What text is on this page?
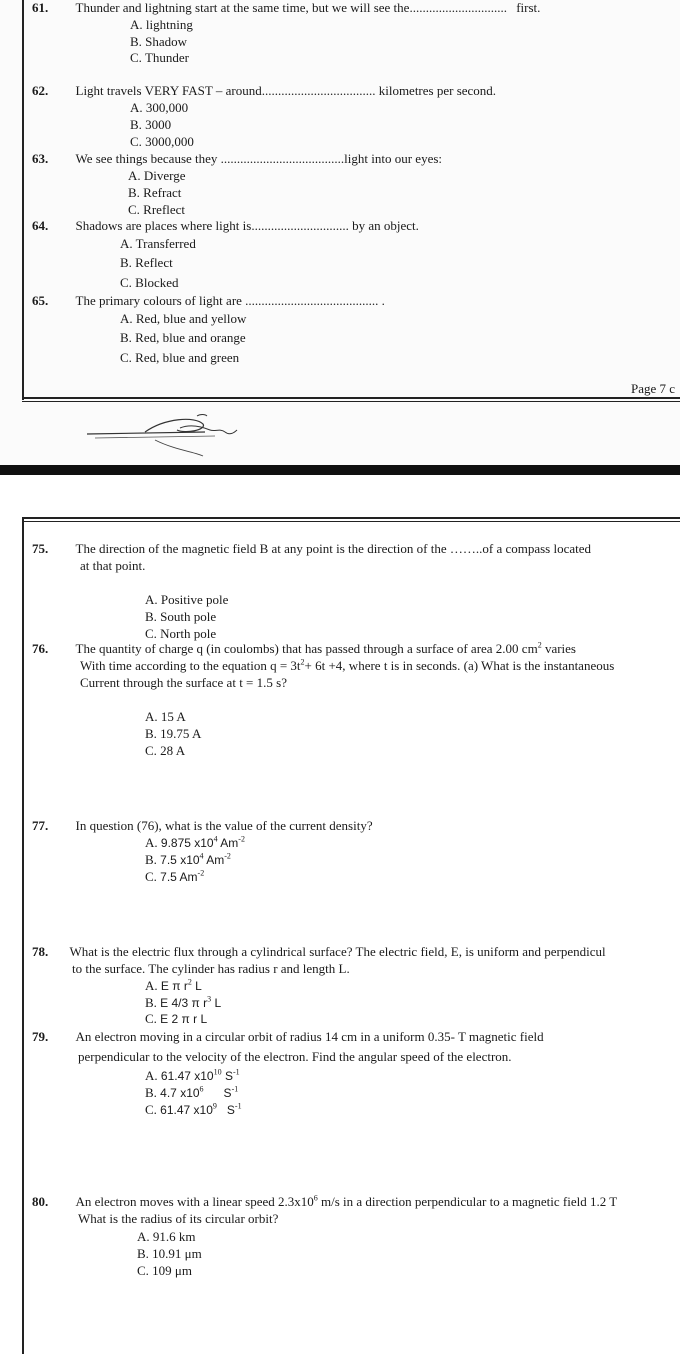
61. Thunder and lightning start at the same time, but we will see the.............................. first.
A. lightning
B. Shadow
C. Thunder
62. Light travels VERY FAST – around................................... kilometres per second.
A. 300,000
B. 3000
C. 3000,000
63. We see things because they ......................................light into our eyes:
A. Diverge
B. Refract
C. Rreflect
64. Shadows are places where light is.............................. by an object.
A. Transferred
B. Reflect
C. Blocked
65. The primary colours of light are ......................................... .
A. Red, blue and yellow
B. Red, blue and orange
C. Red, blue and green
Page 7 c
75. The direction of the magnetic field B at any point is the direction of the ……..of a compass located
at that point.
A. Positive pole
B. South pole
C. North pole
76. The quantity of charge q (in coulombs) that has passed through a surface of area 2.00 $cm^2$ varies
With time according to the equation $q = 3t^2+ 6t +4$, where t is in seconds. (a) What is the instantaneous
Current through the surface at t = 1.5 s?
A. 15 A
B. 19.75 A
C. 28 A
77. In question (76), what is the value of the current density?
A. 9.875 $x10^4$ $Am^{-2}$
B. 7.5 $x10^4$ $Am^{-2}$
C. 7.5 $Am^{-2}$
78. What is the electric flux through a cylindrical surface? The electric field, E, is uniform and perpendicul
to the surface. The cylinder has radius r and length L.
A. E π $r^2$ L
B. E 4/3 π $r^3$ L
C. E 2 π r L
79. An electron moving in a circular orbit of radius 14 cm in a uniform 0.35- T magnetic field
perpendicular to the velocity of the electron. Find the angular speed of the electron.
A. 61.47 $x10^{10}$ $S^{-1}$
B. 4.7 $x10^6$      $S^{-1}$
C. 61.47 $x10^9$   $S^{-1}$
80. An electron moves with a linear speed $2.3x10^6$ m/s in a direction perpendicular to a magnetic field 1.2 T
What is the radius of its circular orbit?
A. 91.6 km
B. 10.91 μm
C. 109 μm
